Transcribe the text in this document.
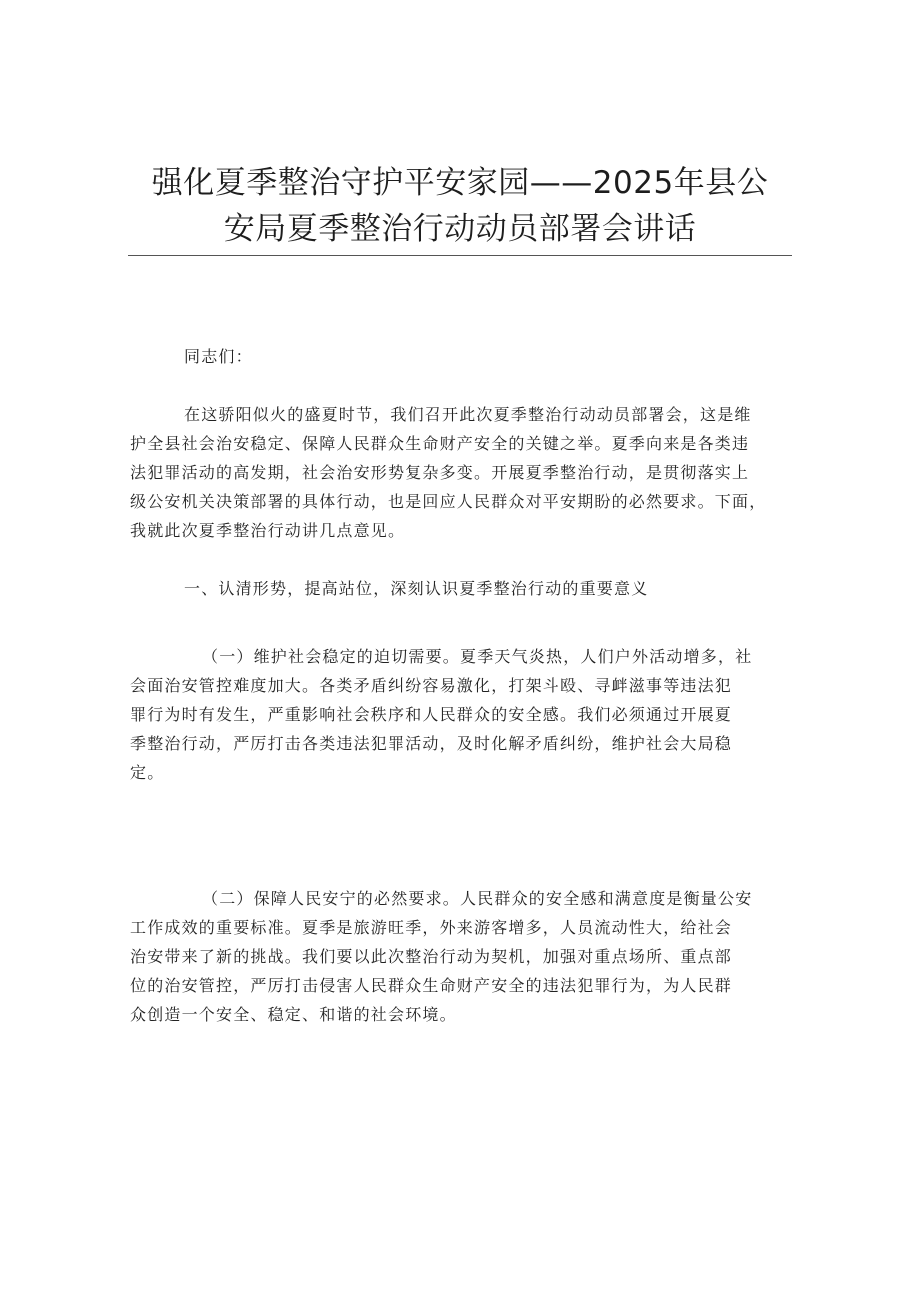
强化夏季整治守护平安家园——2025年县公
安局夏季整治行动动员部署会讲话
同志们：
在这骄阳似火的盛夏时节，我们召开此次夏季整治行动动员部署会，这是维
护全县社会治安稳定、保障人民群众生命财产安全的关键之举。夏季向来是各类违
法犯罪活动的高发期，社会治安形势复杂多变。开展夏季整治行动，是贯彻落实上
级公安机关决策部署的具体行动，也是回应人民群众对平安期盼的必然要求。下面，
我就此次夏季整治行动讲几点意见。
一、认清形势，提高站位，深刻认识夏季整治行动的重要意义
（一）维护社会稳定的迫切需要。夏季天气炎热，人们户外活动增多，社
会面治安管控难度加大。各类矛盾纠纷容易激化，打架斗殴、寻衅滋事等违法犯
罪行为时有发生，严重影响社会秩序和人民群众的安全感。我们必须通过开展夏
季整治行动，严厉打击各类违法犯罪活动，及时化解矛盾纠纷，维护社会大局稳
定。
（二）保障人民安宁的必然要求。人民群众的安全感和满意度是衡量公安
工作成效的重要标准。夏季是旅游旺季，外来游客增多，人员流动性大，给社会
治安带来了新的挑战。我们要以此次整治行动为契机，加强对重点场所、重点部
位的治安管控，严厉打击侵害人民群众生命财产安全的违法犯罪行为，为人民群
众创造一个安全、稳定、和谐的社会环境。
